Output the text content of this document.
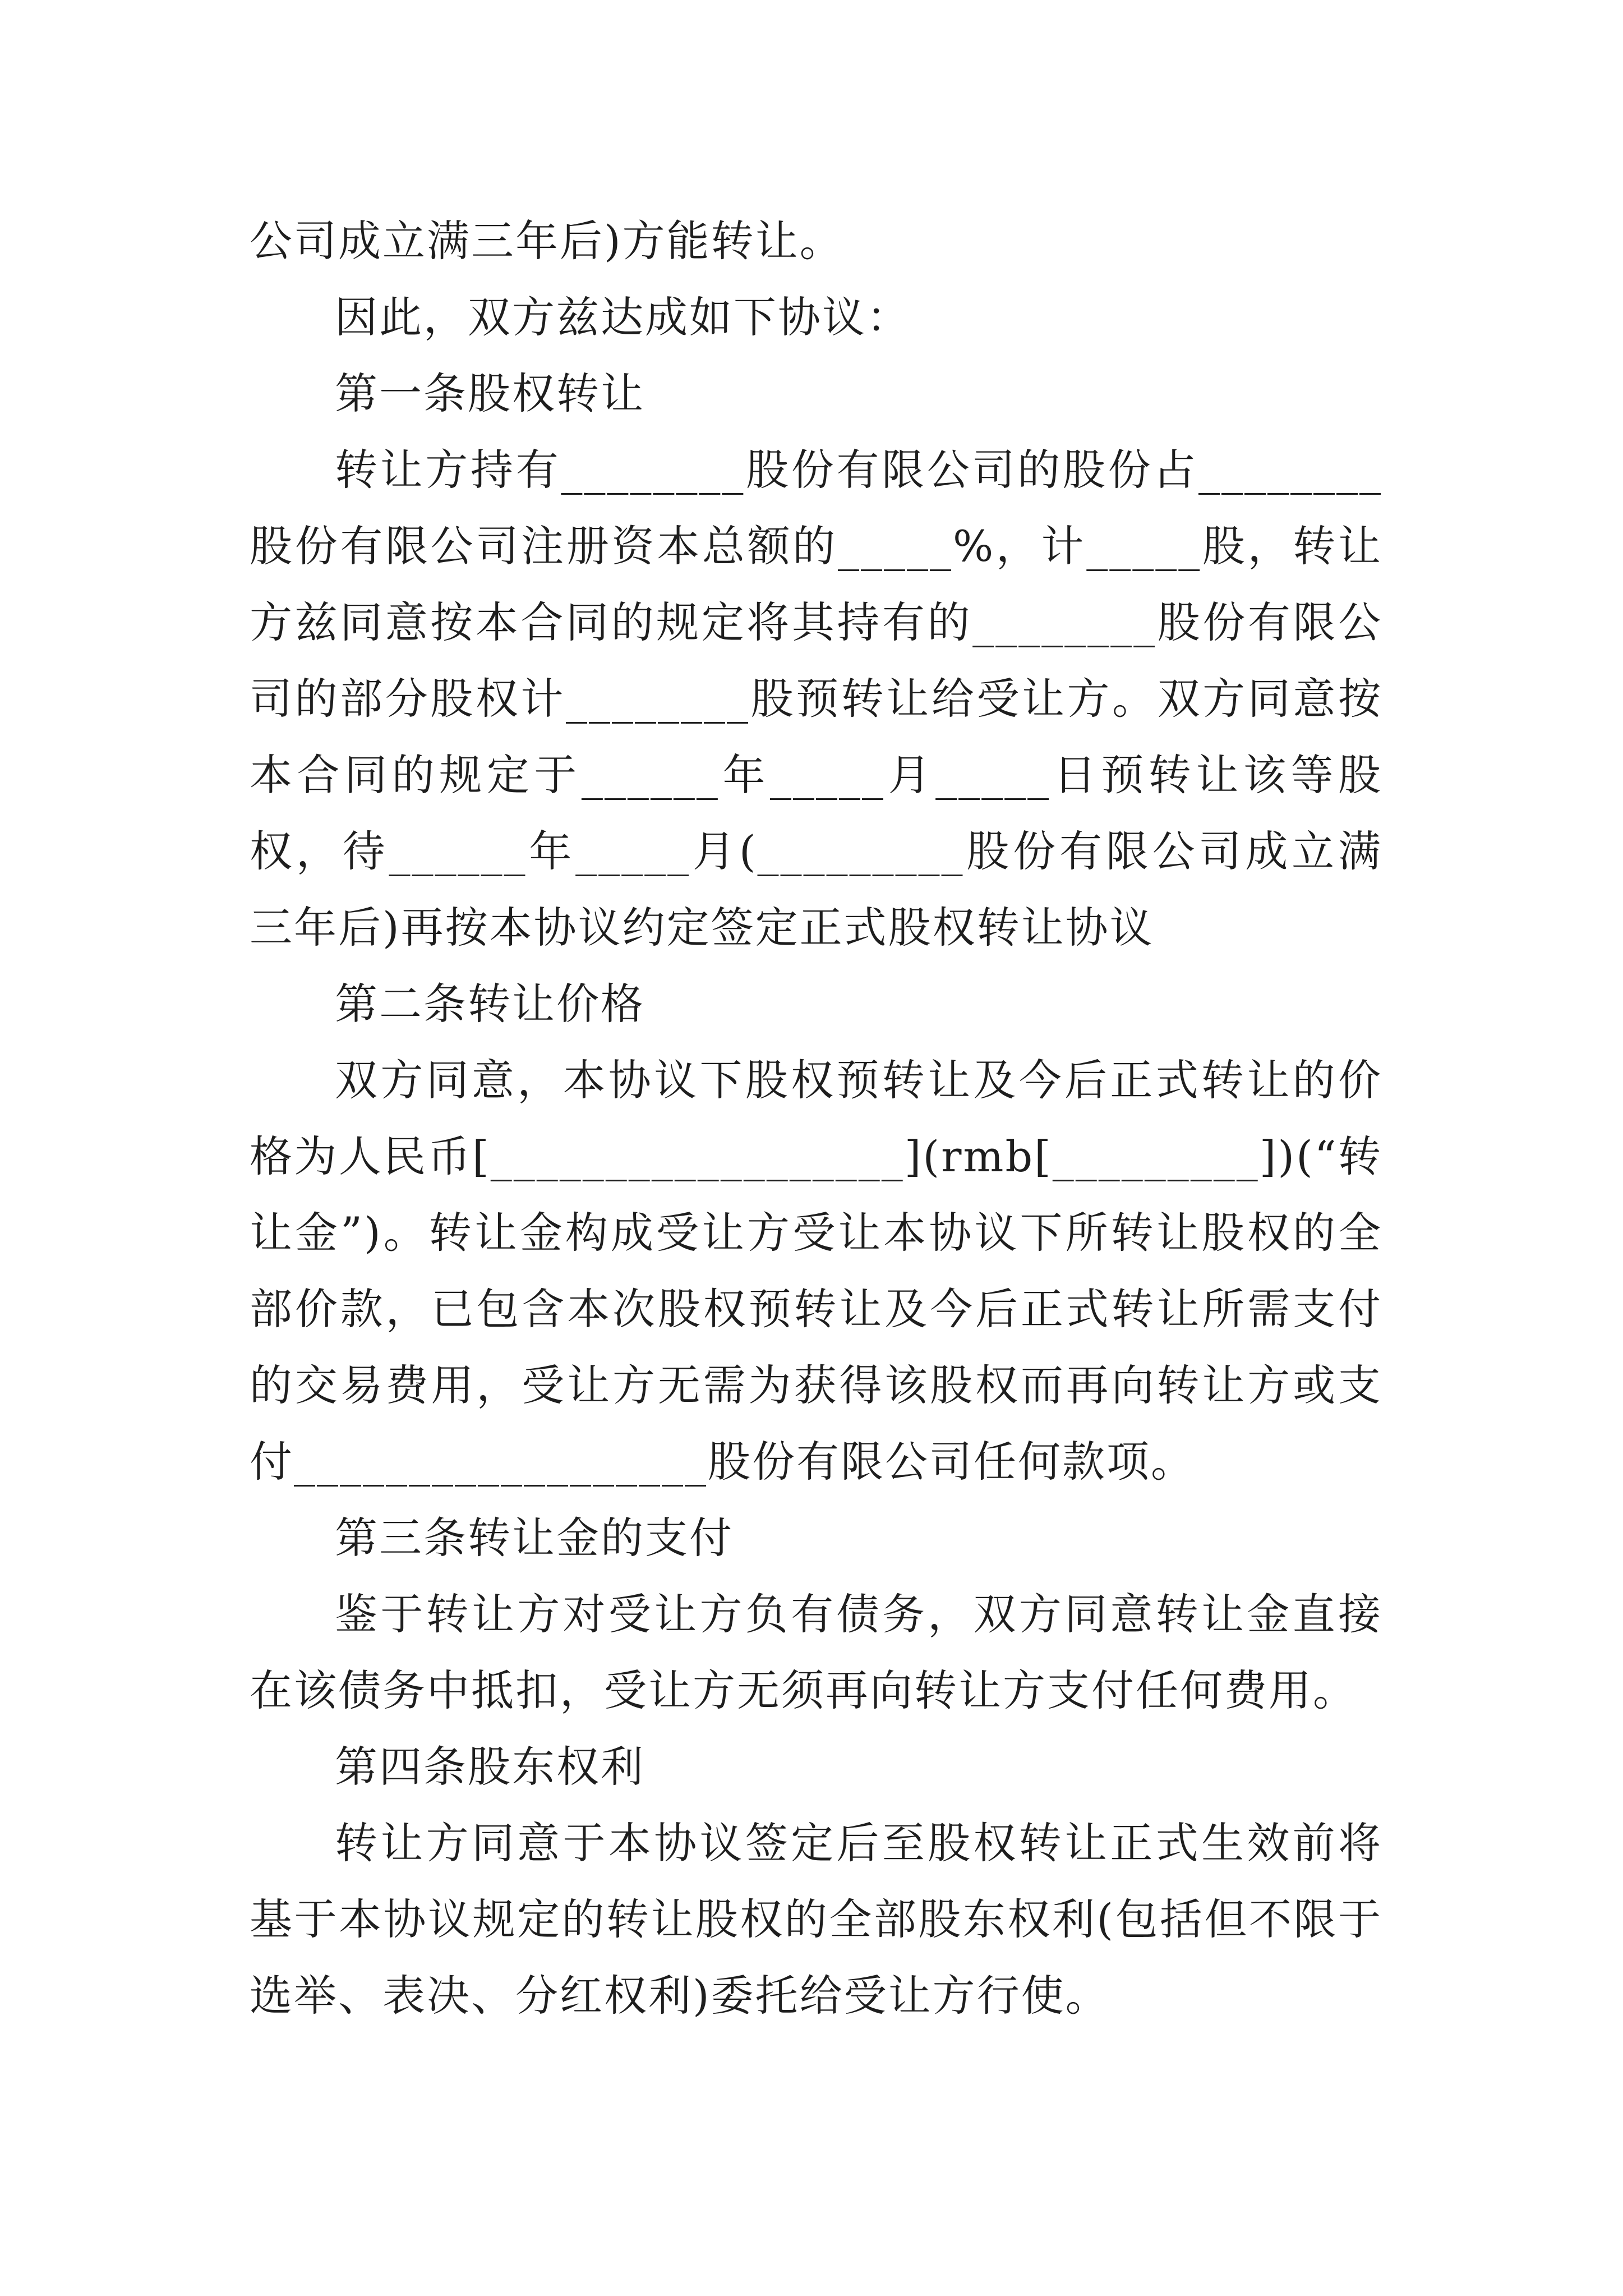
公司成立满三年后)方能转让。

因此，双方兹达成如下协议：

第一条股权转让

转让方持有________股份有限公司的股份占________股份有限公司注册资本总额的_____%，计_____股，转让方兹同意按本合同的规定将其持有的________股份有限公司的部分股权计________股预转让给受让方。双方同意按本合同的规定于______年_____月_____日预转让该等股权，待______年_____月(_________股份有限公司成立满三年后)再按本协议约定签定正式股权转让协议

第二条转让价格

双方同意，本协议下股权预转让及今后正式转让的价格为人民币[__________________](rmb[_________])(“转让金”)。转让金构成受让方受让本协议下所转让股权的全部价款，已包含本次股权预转让及今后正式转让所需支付的交易费用，受让方无需为获得该股权而再向转让方或支付__________________股份有限公司任何款项。

第三条转让金的支付

鉴于转让方对受让方负有债务，双方同意转让金直接在该债务中抵扣，受让方无须再向转让方支付任何费用。

第四条股东权利

转让方同意于本协议签定后至股权转让正式生效前将基于本协议规定的转让股权的全部股东权利(包括但不限于选举、表决、分红权利)委托给受让方行使。
